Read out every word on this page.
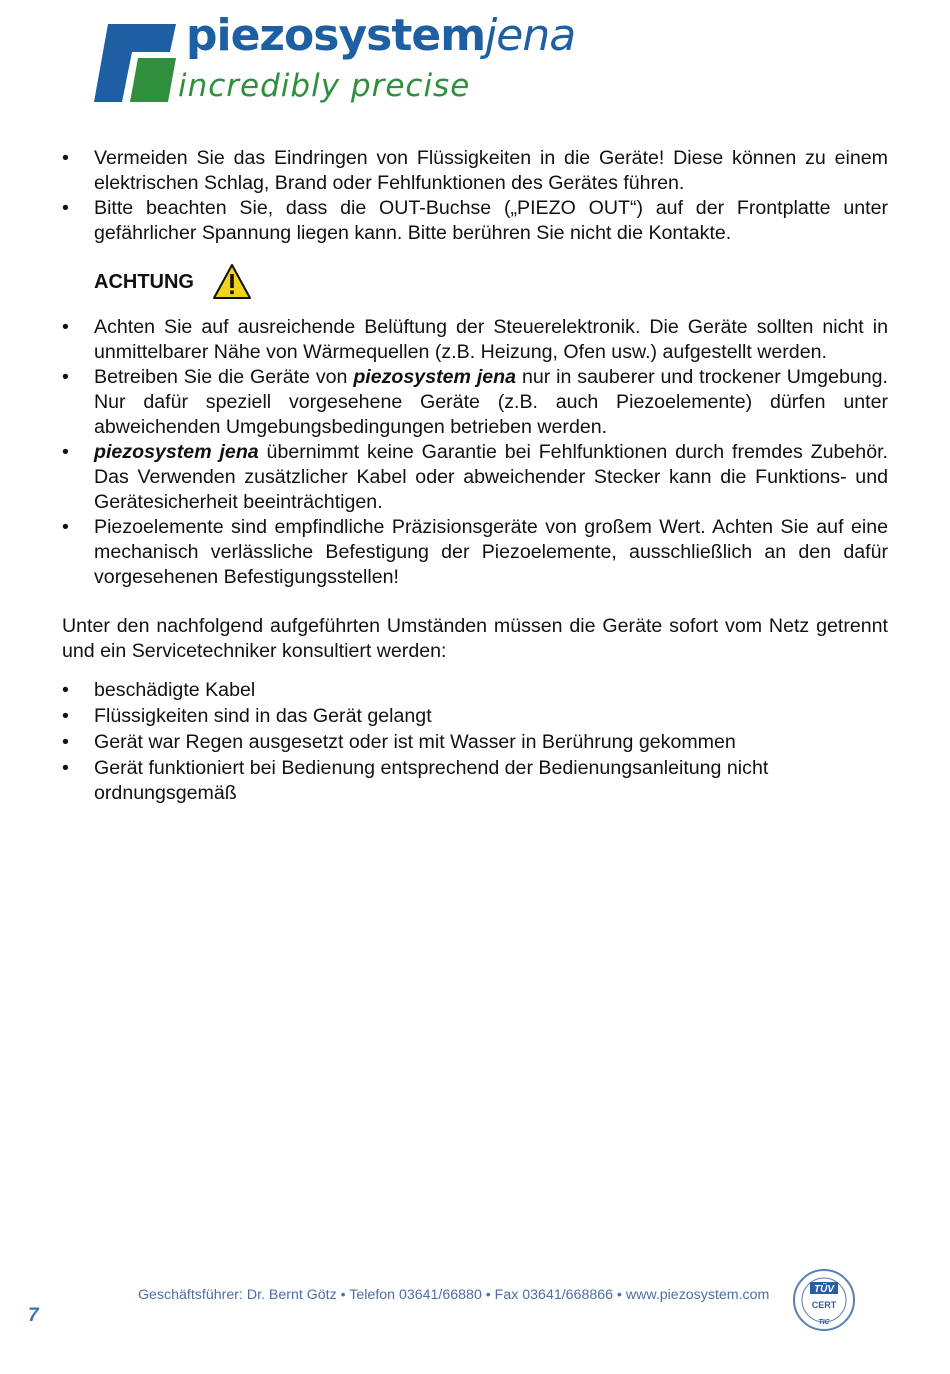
piezosystemjena
incredibly precise
• Vermeiden Sie das Eindringen von Flüssigkeiten in die Geräte! Diese können zu einem elektrischen Schlag, Brand oder Fehlfunktionen des Gerätes führen.
• Bitte beachten Sie, dass die OUT-Buchse („PIEZO OUT“) auf der Frontplatte unter gefährlicher Spannung liegen kann. Bitte berühren Sie nicht die Kontakte.
ACHTUNG
• Achten Sie auf ausreichende Belüftung der Steuerelektronik. Die Geräte sollten nicht in unmittelbarer Nähe von Wärmequellen (z.B. Heizung, Ofen usw.) aufgestellt werden.
• Betreiben Sie die Geräte von piezosystem jena nur in sauberer und trockener Umgebung. Nur dafür speziell vorgesehene Geräte (z.B. auch Piezoelemente) dürfen unter abweichenden Umgebungsbedingungen betrieben werden.
• piezosystem jena übernimmt keine Garantie bei Fehlfunktionen durch fremdes Zubehör. Das Verwenden zusätzlicher Kabel oder abweichender Stecker kann die Funktions- und Gerätesicherheit beeinträchtigen.
• Piezoelemente sind empfindliche Präzisionsgeräte von großem Wert. Achten Sie auf eine mechanisch verlässliche Befestigung der Piezoelemente, ausschließlich an den dafür vorgesehenen Befestigungsstellen!

Unter den nachfolgend aufgeführten Umständen müssen die Geräte sofort vom Netz getrennt und ein Servicetechniker konsultiert werden:

• beschädigte Kabel
• Flüssigkeiten sind in das Gerät gelangt
• Gerät war Regen ausgesetzt oder ist mit Wasser in Berührung gekommen
• Gerät funktioniert bei Bedienung entsprechend der Bedienungsanleitung nicht ordnungsgemäß
7
Geschäftsführer: Dr. Bernt Götz • Telefon 03641/66880 • Fax 03641/668866 • www.piezosystem.com	TÜV
CERT
TIC
